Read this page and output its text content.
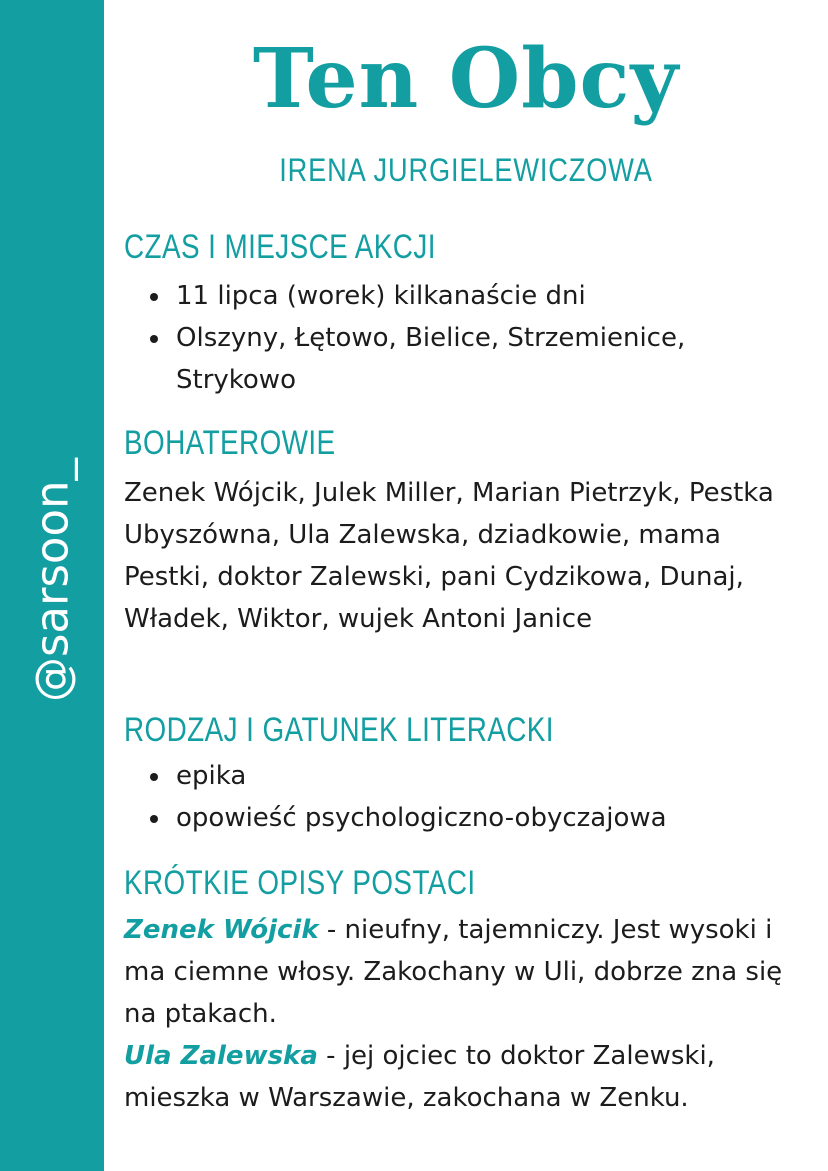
@sarsoon_
Ten Obcy
IRENA JURGIELEWICZOWA
CZAS I MIEJSCE AKCJI
11 lipca (worek) kilkanaście dni
Olszyny, Łętowo, Bielice, Strzemienice, Strykowo
BOHATEROWIE

Zenek Wójcik, Julek Miller, Marian Pietrzyk, Pestka Ubyszówna, Ula Zalewska, dziadkowie, mama Pestki, doktor Zalewski, pani Cydzikowa, Dunaj, Władek, Wiktor, wujek Antoni Janice

RODZAJ I GATUNEK LITERACKI
epika
opowieść psychologiczno-obyczajowa
KRÓTKIE OPISY POSTACI

Zenek Wójcik - nieufny, tajemniczy. Jest wysoki i ma ciemne włosy. Zakochany w Uli, dobrze zna się na ptakach.
Ula Zalewska - jej ojciec to doktor Zalewski, mieszka w Warszawie, zakochana w Zenku.
